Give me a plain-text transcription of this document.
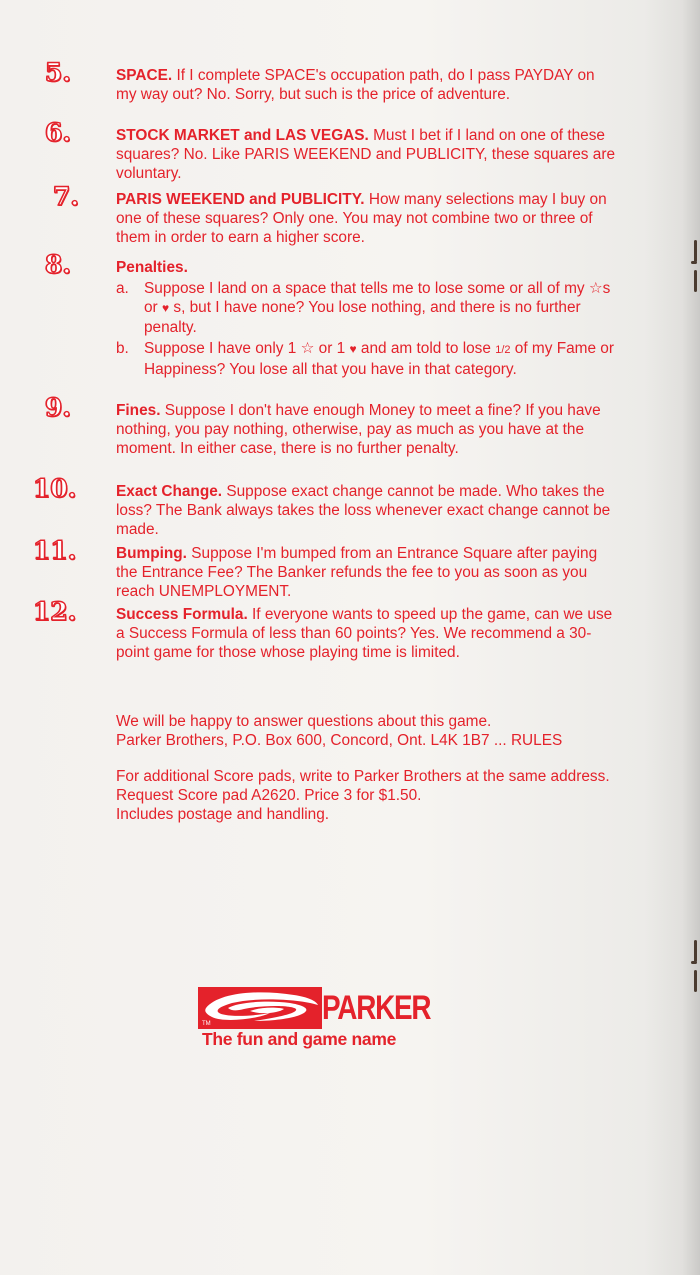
5.	SPACE. If I complete SPACE's occupation path, do I pass PAYDAY on my way out? No. Sorry, but such is the price of adventure.
6.	STOCK MARKET and LAS VEGAS. Must I bet if I land on one of these squares? No. Like PARIS WEEKEND and PUBLICITY, these squares are voluntary.
7.	PARIS WEEKEND and PUBLICITY. How many selections may I buy on one of these squares? Only one. You may not combine two or three of them in order to earn a higher score.
8.	Penalties.
a. Suppose I land on a space that tells me to lose some or all of my ☆s or ♥ s, but I have none? You lose nothing, and there is no further penalty.
b. Suppose I have only 1 ☆ or 1 ♥ and am told to lose 1/2 of my Fame or Happiness? You lose all that you have in that category.
9.	Fines. Suppose I don't have enough Money to meet a fine? If you have nothing, you pay nothing, otherwise, pay as much as you have at the moment. In either case, there is no further penalty.
10.	Exact Change. Suppose exact change cannot be made. Who takes the loss? The Bank always takes the loss whenever exact change cannot be made.
11.	Bumping. Suppose I'm bumped from an Entrance Square after paying the Entrance Fee? The Banker refunds the fee to you as soon as you reach UNEMPLOYMENT.
12.	Success Formula. If everyone wants to speed up the game, can we use a Success Formula of less than 60 points? Yes. We recommend a 30-point game for those whose playing time is limited.
We will be happy to answer questions about this game.
Parker Brothers, P.O. Box 600, Concord, Ont. L4K 1B7 ... RULES
For additional Score pads, write to Parker Brothers at the same address.
Request Score pad A2620. Price 3 for $1.50.
Includes postage and handling.
TM	PARKER
The fun and game name
